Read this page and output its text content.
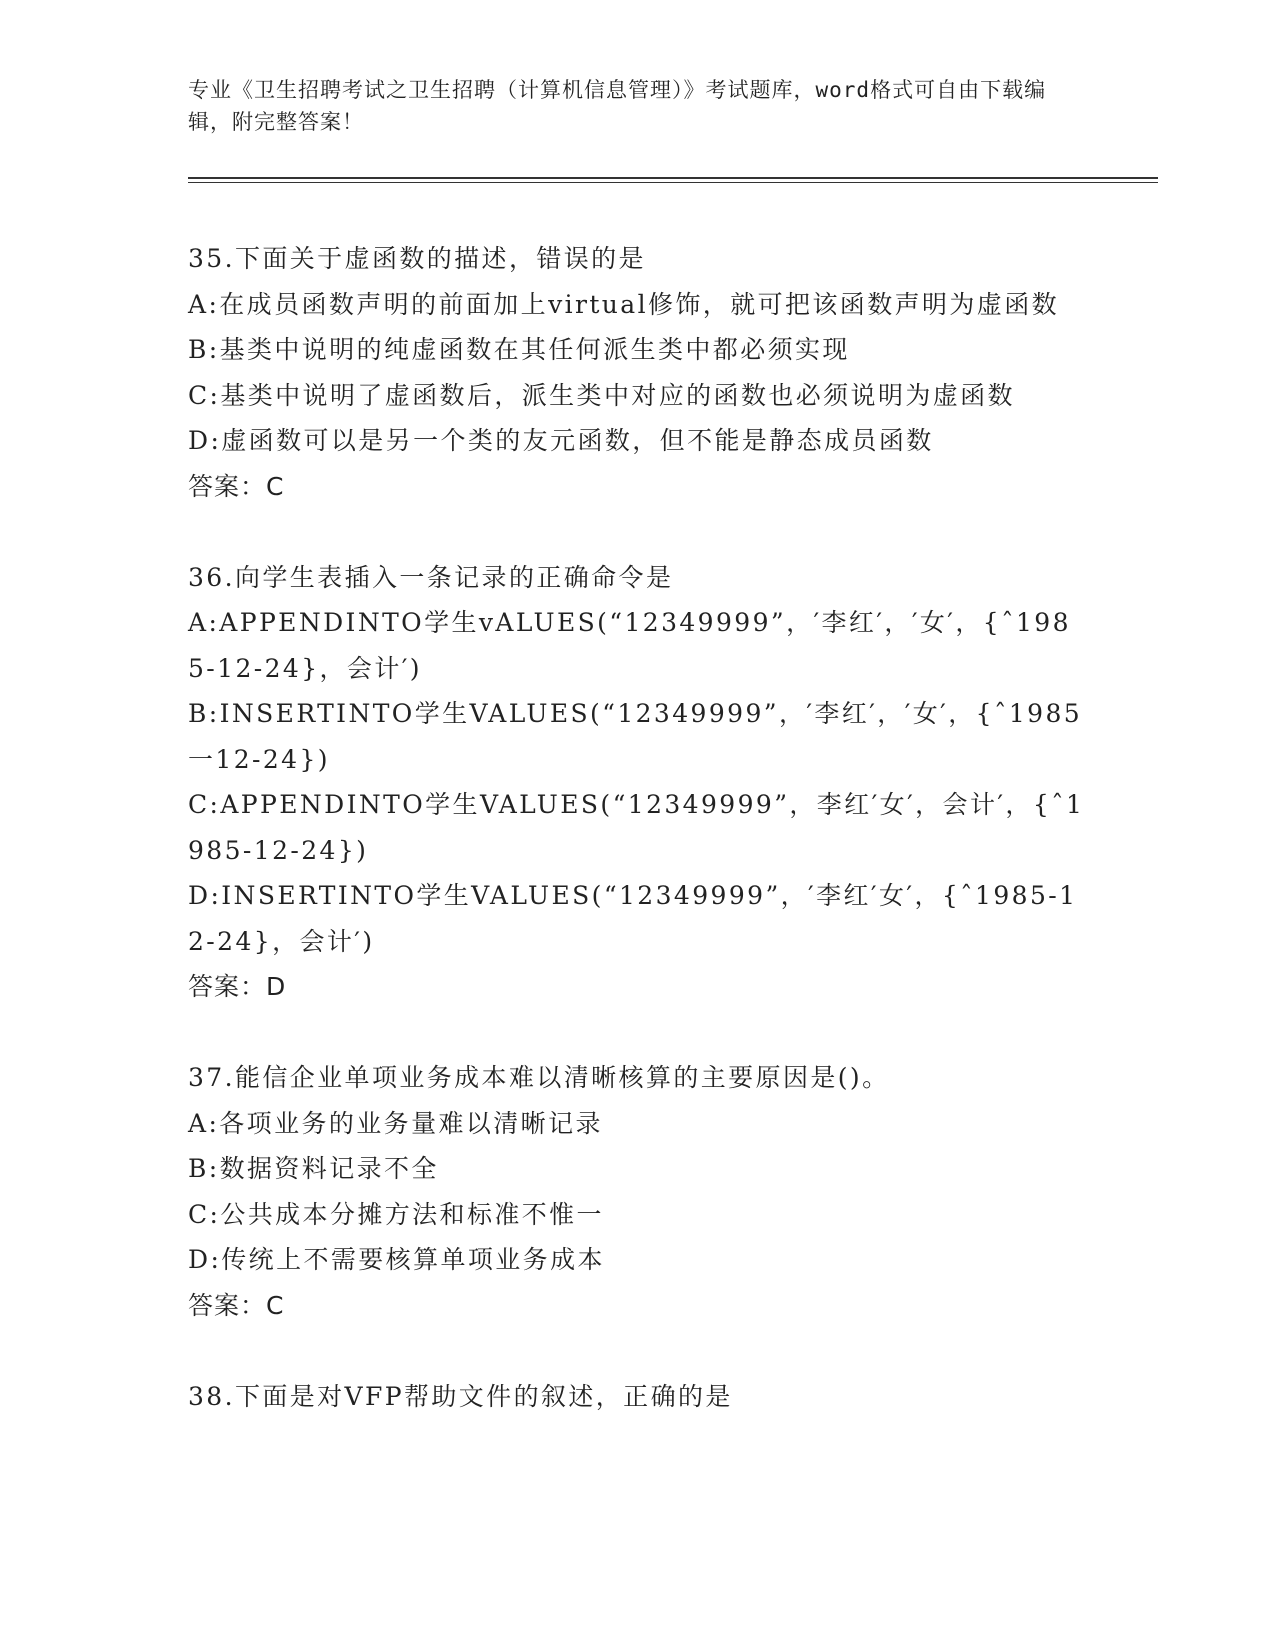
专业《卫生招聘考试之卫生招聘（计算机信息管理）》考试题库，word格式可自由下载编辑，附完整答案！
35.下面关于虚函数的描述，错误的是
A:在成员函数声明的前面加上virtual修饰，就可把该函数声明为虚函数
B:基类中说明的纯虚函数在其任何派生类中都必须实现
C:基类中说明了虚函数后，派生类中对应的函数也必须说明为虚函数
D:虚函数可以是另一个类的友元函数，但不能是静态成员函数
答案：C
36.向学生表插入一条记录的正确命令是
A:APPENDINTO学生vALUES(“12349999”，′李红′，′女′，{ˆ1985-12-24}，会计′)
B:INSERTINTO学生VALUES(“12349999”，′李红′，′女′，{ˆ1985一12-24})
C:APPENDINTO学生VALUES(“12349999”，李红′女′，会计′，{ˆ1985-12-24})
D:INSERTINTO学生VALUES(“12349999”，′李红′女′，{ˆ1985-12-24}，会计′)
答案：D
37.能信企业单项业务成本难以清晰核算的主要原因是()。
A:各项业务的业务量难以清晰记录
B:数据资料记录不全
C:公共成本分摊方法和标准不惟一
D:传统上不需要核算单项业务成本
答案：C
38.下面是对VFP帮助文件的叙述，正确的是
